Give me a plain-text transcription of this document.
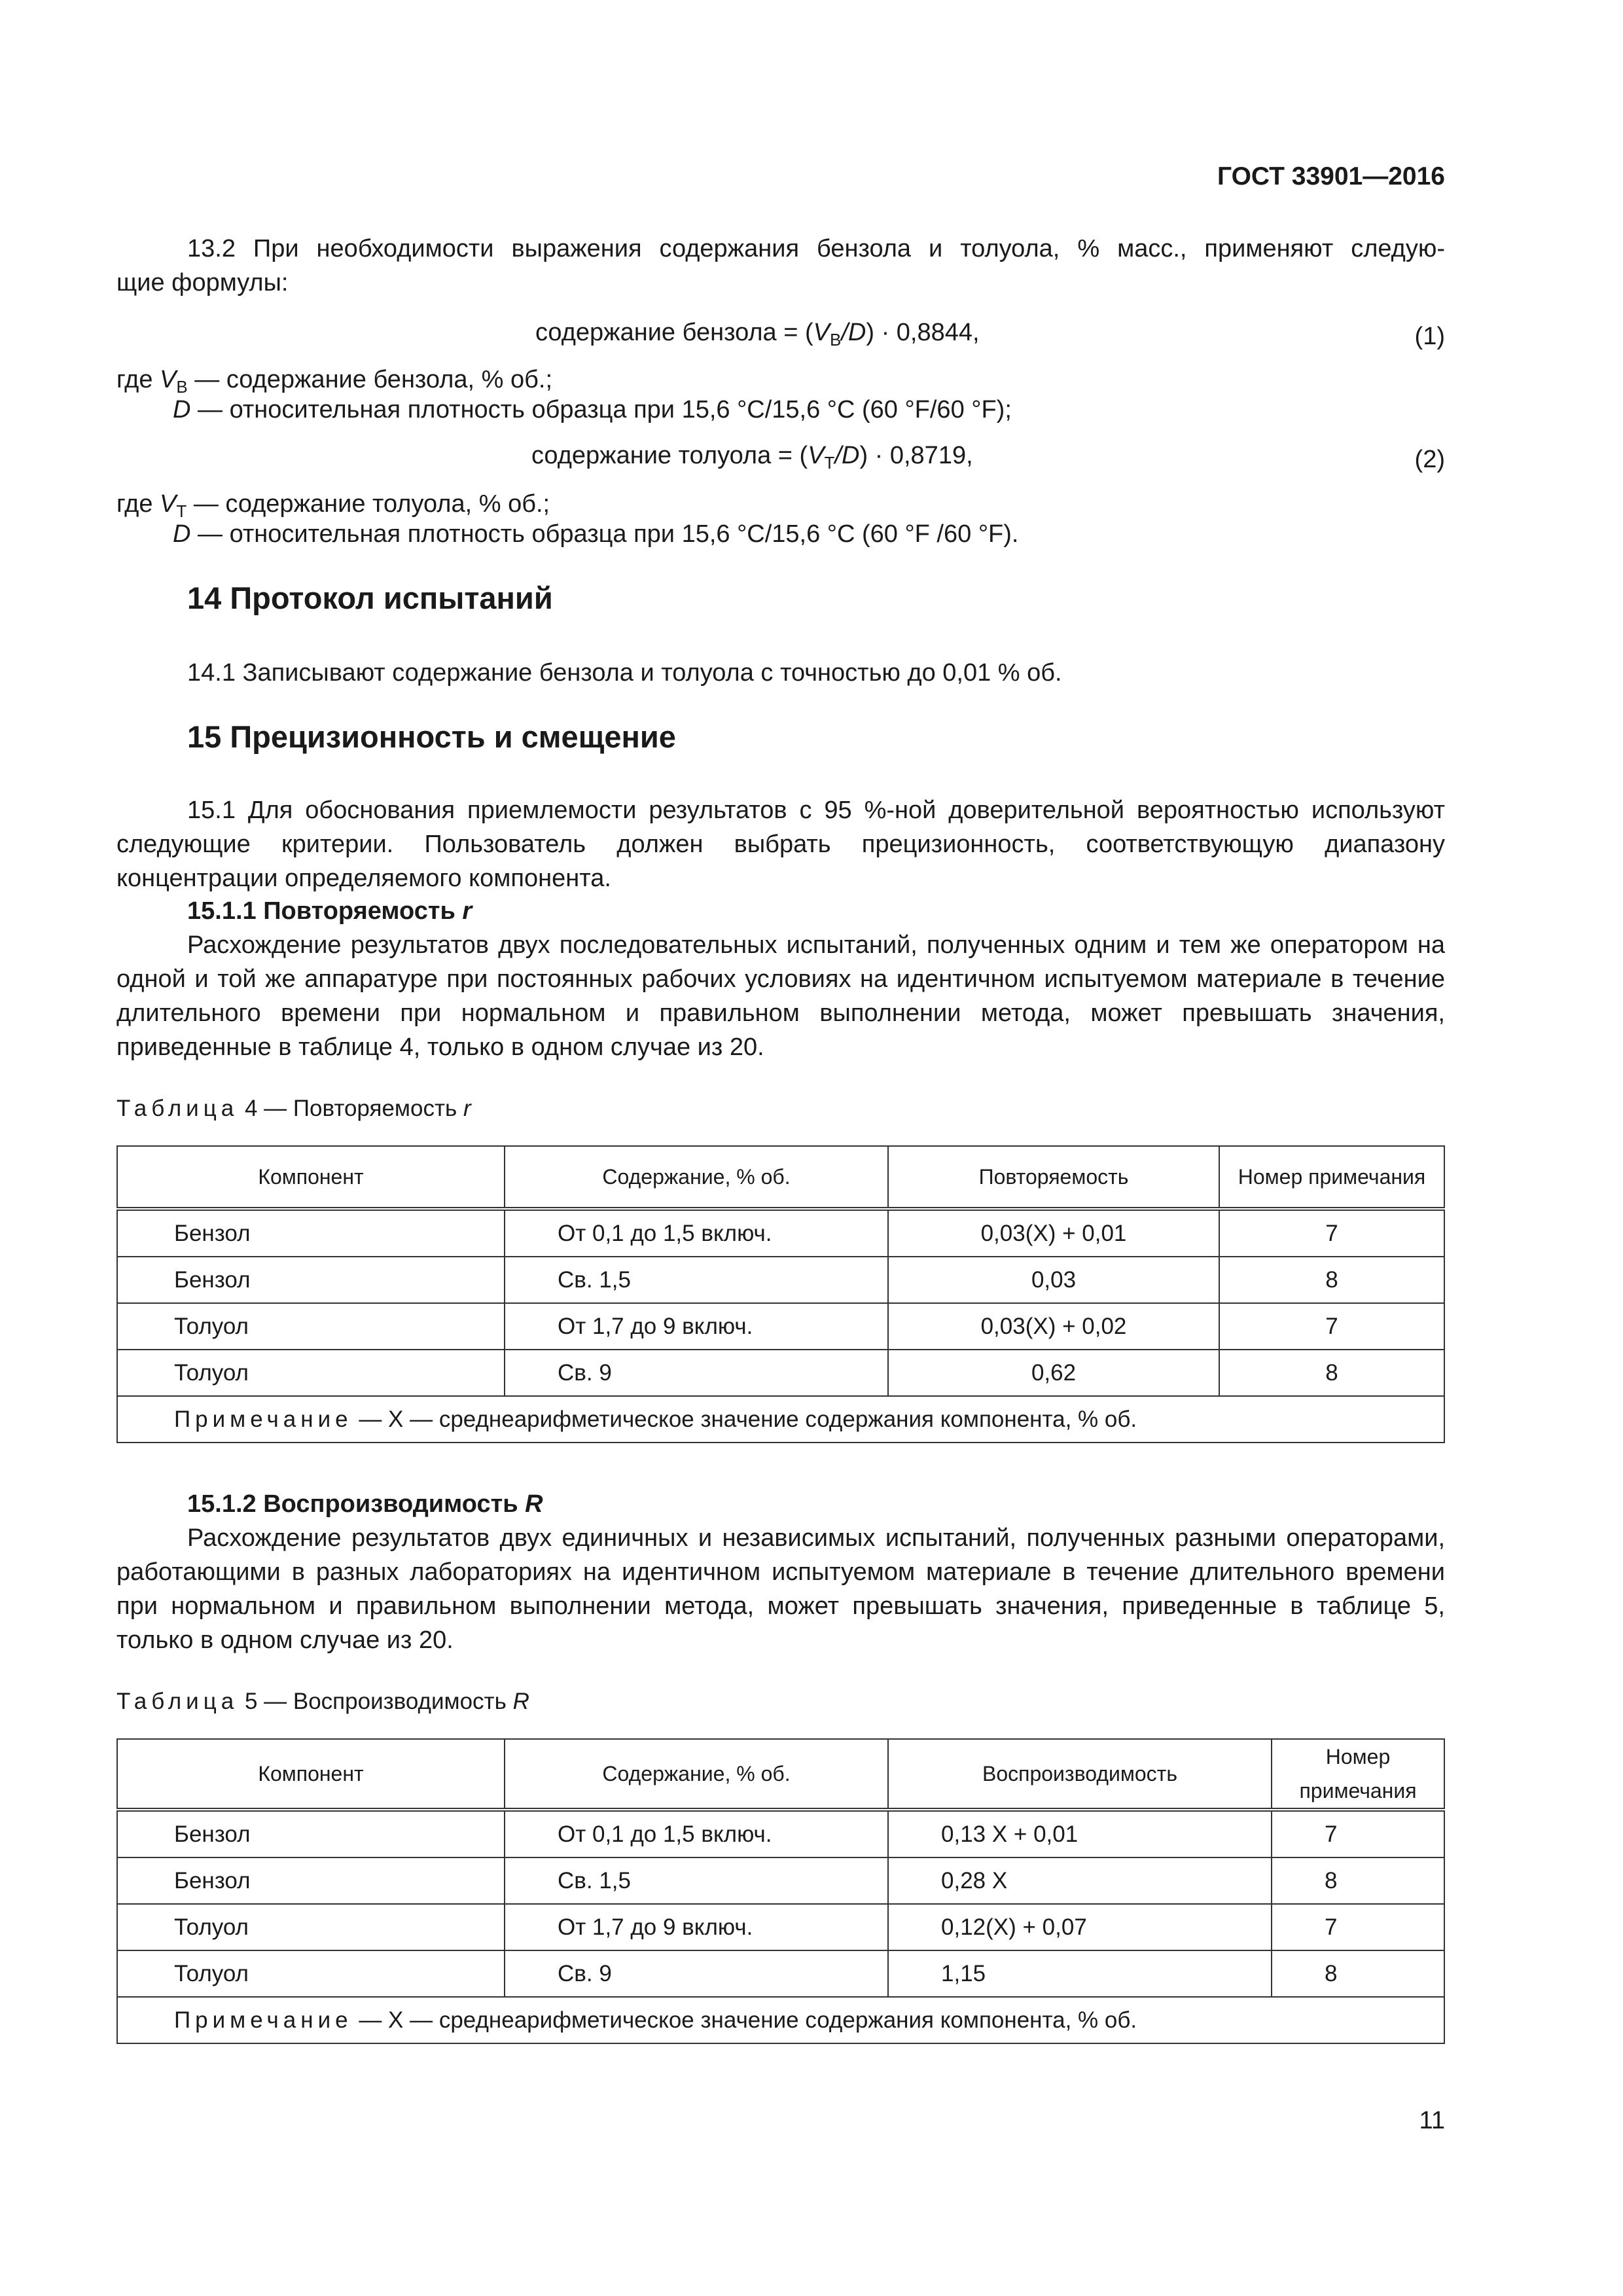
ГОСТ 33901—2016
13.2 При необходимости выражения содержания бензола и толуола, % масс., применяют следую-
щие формулы:
содержание бензола = $(V_B/D) \cdot 0,8844$,	(1)
где $V_B$ — содержание бензола, % об.;
D — относительная плотность образца при 15,6 °C/15,6 °C (60 °F/60 °F);
содержание толуола = $(V_T/D) \cdot 0,8719$,	(2)
где $V_T$ — содержание толуола, % об.;
D — относительная плотность образца при 15,6 °C/15,6 °C (60 °F /60 °F).
14 Протокол испытаний
14.1 Записывают содержание бензола и толуола с точностью до 0,01 % об.
15 Прецизионность и смещение
15.1 Для обоснования приемлемости результатов с 95 %-ной доверительной вероятностью используют следующие критерии. Пользователь должен выбрать прецизионность, соответствующую диапазону концентрации определяемого компонента.
15.1.1 Повторяемость r
Расхождение результатов двух последовательных испытаний, полученных одним и тем же оператором на одной и той же аппаратуре при постоянных рабочих условиях на идентичном испытуемом материале в течение длительного времени при нормальном и правильном выполнении метода, может превышать значения, приведенные в таблице 4, только в одном случае из 20.
Таблица 4 — Повторяемость r
Компонент	Содержание, % об.	Повторяемость	Номер примечания
Бензол	От 0,1 до 1,5 включ.	0,03(X) + 0,01	7
Бензол	Св. 1,5	0,03	8
Толуол	От 1,7 до 9 включ.	0,03(X) + 0,02	7
Толуол	Св. 9	0,62	8
Примечание — X — среднеарифметическое значение содержания компонента, % об.			
15.1.2 Воспроизводимость R
Расхождение результатов двух единичных и независимых испытаний, полученных разными операторами, работающими в разных лабораториях на идентичном испытуемом материале в течение длительного времени при нормальном и правильном выполнении метода, может превышать значения, приведенные в таблице 5, только в одном случае из 20.
Таблица 5 — Воспроизводимость R
Компонент	Содержание, % об.	Воспроизводимость	Номер примечания
Бензол	От 0,1 до 1,5 включ.	0,13 X + 0,01	7
Бензол	Св. 1,5	0,28 X	8
Толуол	От 1,7 до 9 включ.	0,12(X) + 0,07	7
Толуол	Св. 9	1,15	8
Примечание — X — среднеарифметическое значение содержания компонента, % об.			
11
